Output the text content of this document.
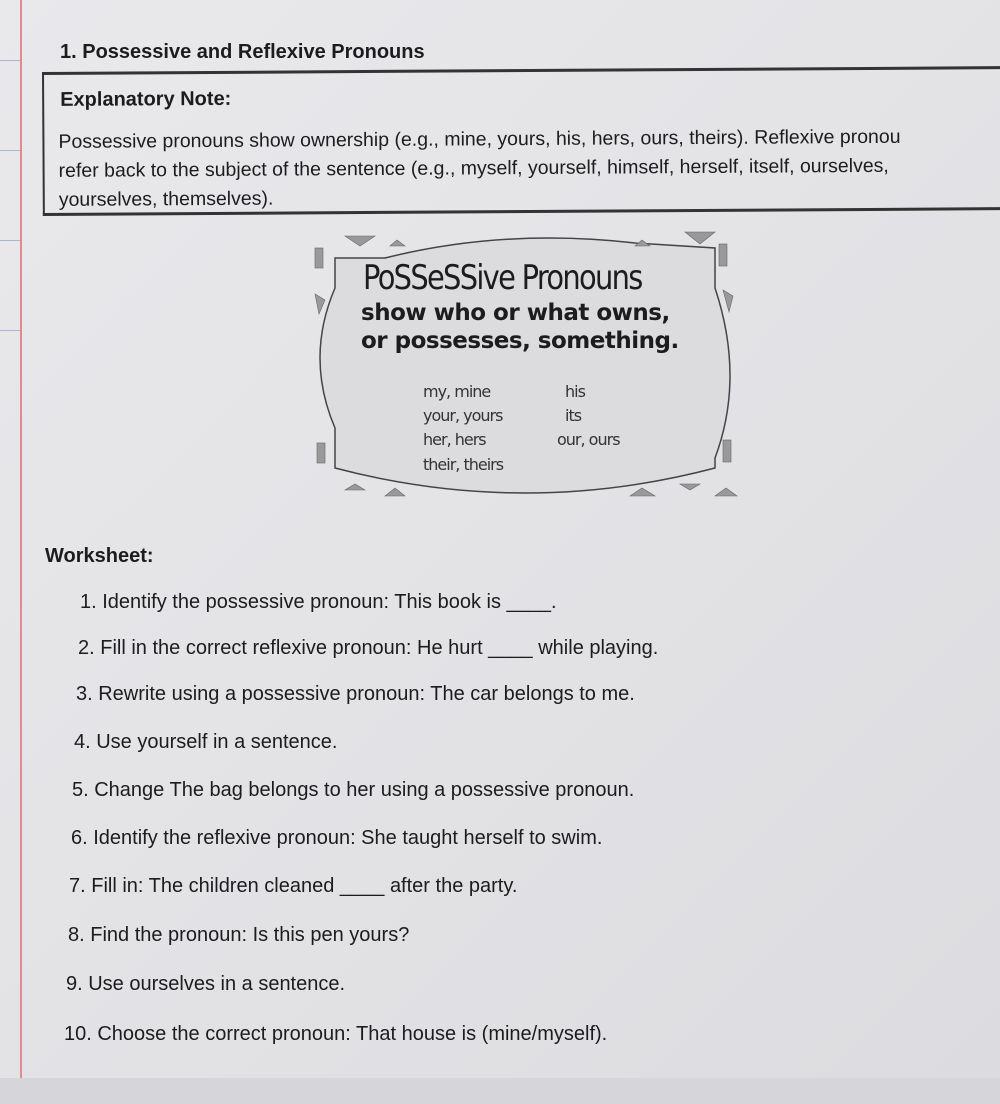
1. Possessive and Reflexive Pronouns
Explanatory Note:
Possessive pronouns show ownership (e.g., mine, yours, his, hers, ours, theirs). Reflexive pronou
refer back to the subject of the sentence (e.g., myself, yourself, himself, herself, itself, ourselves,
yourselves, themselves).
PoSSeSSive Pronouns
show who or what owns,
or possesses, something.
my, mine
your, yours
her, hers
their, theirs
his
its
our, ours
Worksheet:
1. Identify the possessive pronoun: This book is ____.
2. Fill in the correct reflexive pronoun: He hurt ____ while playing.
3. Rewrite using a possessive pronoun: The car belongs to me.
4. Use yourself in a sentence.
5. Change The bag belongs to her using a possessive pronoun.
6. Identify the reflexive pronoun: She taught herself to swim.
7. Fill in: The children cleaned ____ after the party.
8. Find the pronoun: Is this pen yours?
9. Use ourselves in a sentence.
10. Choose the correct pronoun: That house is (mine/myself).
